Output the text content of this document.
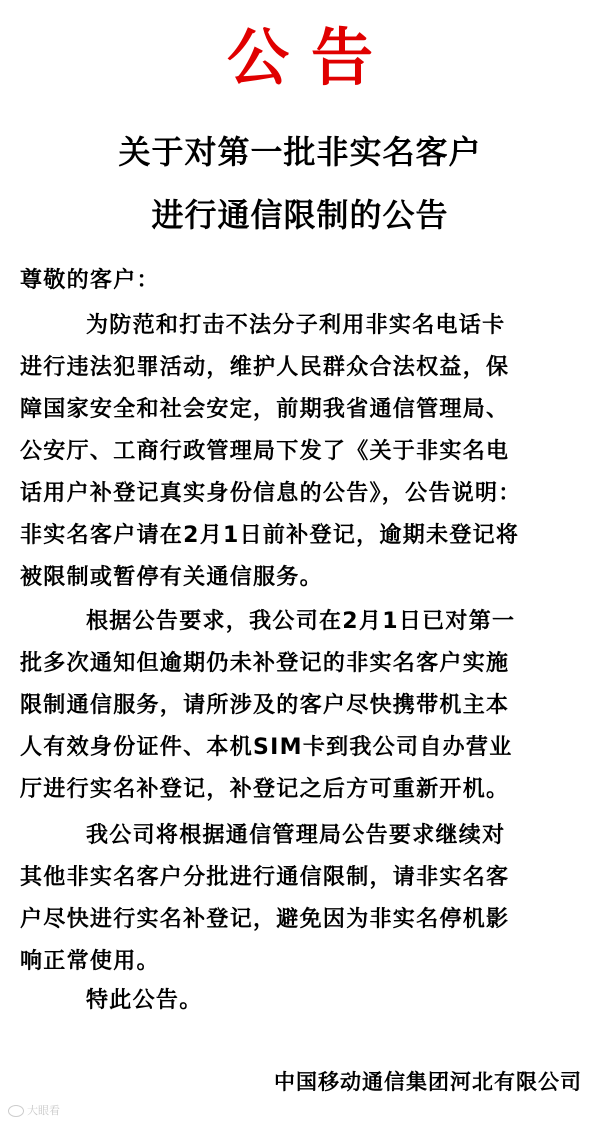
公告
关于对第一批非实名客户
进行通信限制的公告
尊敬的客户：
为防范和打击不法分子利用非实名电话卡
进行违法犯罪活动，维护人民群众合法权益，保
障国家安全和社会安定，前期我省通信管理局、
公安厅、工商行政管理局下发了《关于非实名电
话用户补登记真实身份信息的公告》，公告说明：
非实名客户请在2月1日前补登记，逾期未登记将
被限制或暂停有关通信服务。
根据公告要求，我公司在2月1日已对第一
批多次通知但逾期仍未补登记的非实名客户实施
限制通信服务，请所涉及的客户尽快携带机主本
人有效身份证件、本机SIM卡到我公司自办营业
厅进行实名补登记，补登记之后方可重新开机。
我公司将根据通信管理局公告要求继续对
其他非实名客户分批进行通信限制，请非实名客
户尽快进行实名补登记，避免因为非实名停机影
响正常使用。
特此公告。
中国移动通信集团河北有限公司
大眼看
